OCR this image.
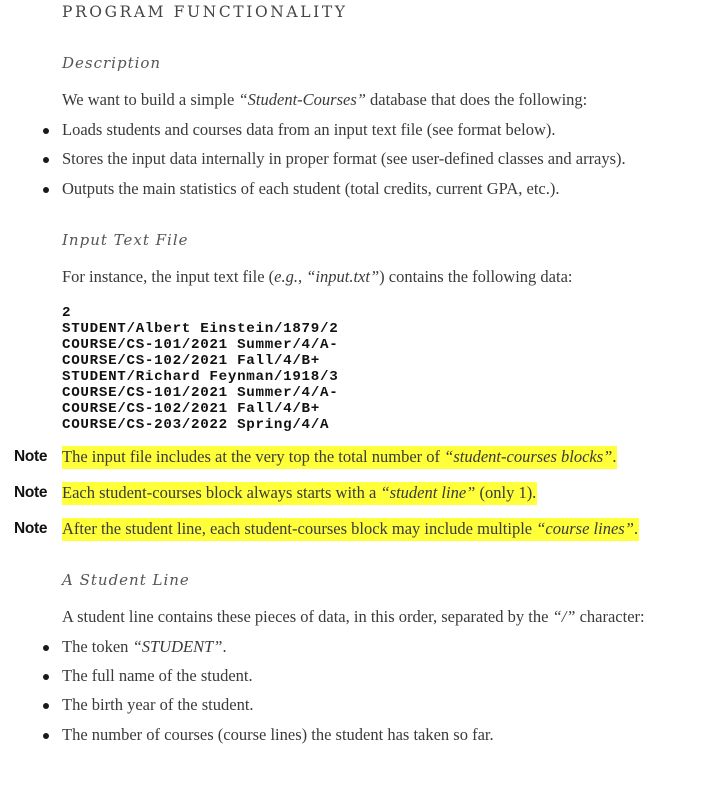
PROGRAM FUNCTIONALITY
Description

We want to build a simple “Student-Courses” database that does the following:

Loads students and courses data from an input text file (see format below).
Stores the input data internally in proper format (see user-defined classes and arrays).
Outputs the main statistics of each student (total credits, current GPA, etc.).
Input Text File

For instance, the input text file (e.g., “input.txt”) contains the following data:

2
STUDENT/Albert Einstein/1879/2
COURSE/CS-101/2021 Summer/4/A-
COURSE/CS-102/2021 Fall/4/B+
STUDENT/Richard Feynman/1918/3
COURSE/CS-101/2021 Summer/4/A-
COURSE/CS-102/2021 Fall/4/B+
COURSE/CS-203/2022 Spring/4/A
Note The input file includes at the very top the total number of “student-courses blocks”.
Note Each student-courses block always starts with a “student line” (only 1).
Note After the student line, each student-courses block may include multiple “course lines”.
A Student Line

A student line contains these pieces of data, in this order, separated by the “/” character:

The token “STUDENT”.
The full name of the student.
The birth year of the student.
The number of courses (course lines) the student has taken so far.
